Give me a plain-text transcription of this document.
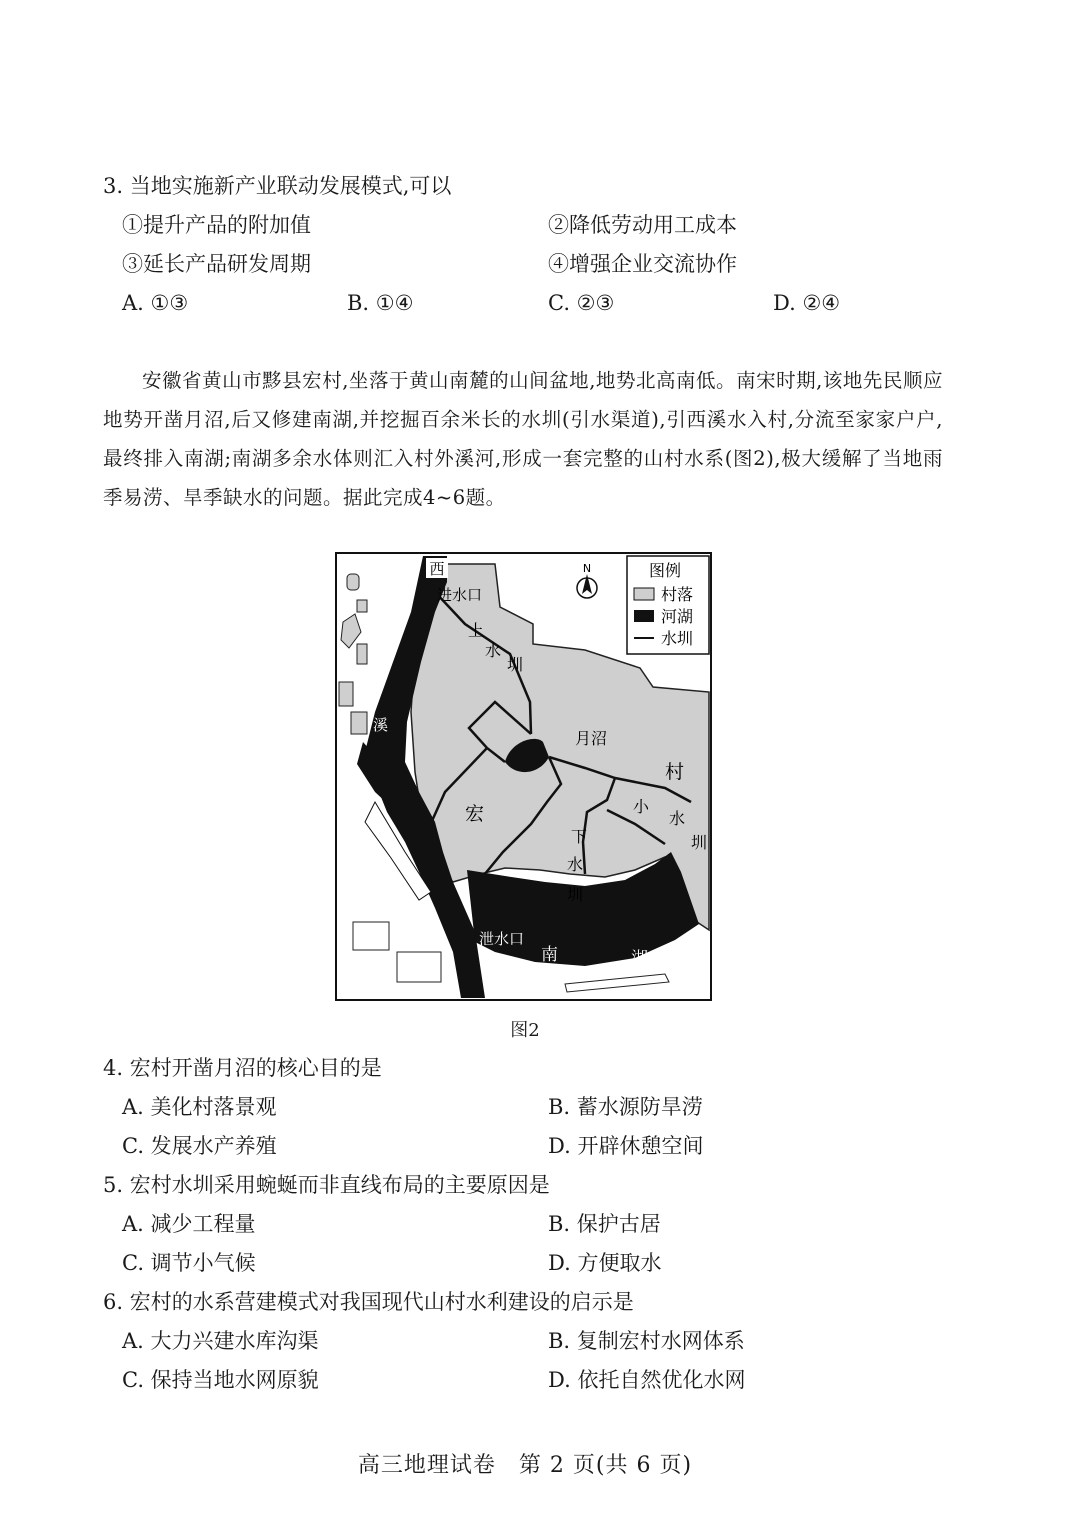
3. 当地实施新产业联动发展模式,可以
①提升产品的附加值	②降低劳动用工成本
③延长产品研发周期	④增强企业交流协作
A. ①③	B. ①④	C. ②③	D. ②④
安徽省黄山市黟县宏村,坐落于黄山南麓的山间盆地,地势北高南低。南宋时期,该地先民顺应地势开凿月沼,后又修建南湖,并挖掘百余米长的水圳(引水渠道),引西溪水入村,分流至家家户户,最终排入南湖;南湖多余水体则汇入村外溪河,形成一套完整的山村水系(图2),极大缓解了当地雨季易涝、旱季缺水的问题。据此完成4~6题。
西
进水口
上
水
圳
溪
月沼
村
宏	小
水
圳
下
水
圳
泄水口
南	湖
N	图例
村落
河湖
水圳
图2
4. 宏村开凿月沼的核心目的是
A. 美化村落景观	B. 蓄水源防旱涝
C. 发展水产养殖	D. 开辟休憩空间
5. 宏村水圳采用蜿蜒而非直线布局的主要原因是
A. 减少工程量	B. 保护古居
C. 调节小气候	D. 方便取水
6. 宏村的水系营建模式对我国现代山村水利建设的启示是
A. 大力兴建水库沟渠	B. 复制宏村水网体系
C. 保持当地水网原貌	D. 依托自然优化水网
高三地理试卷　第 2 页(共 6 页)
